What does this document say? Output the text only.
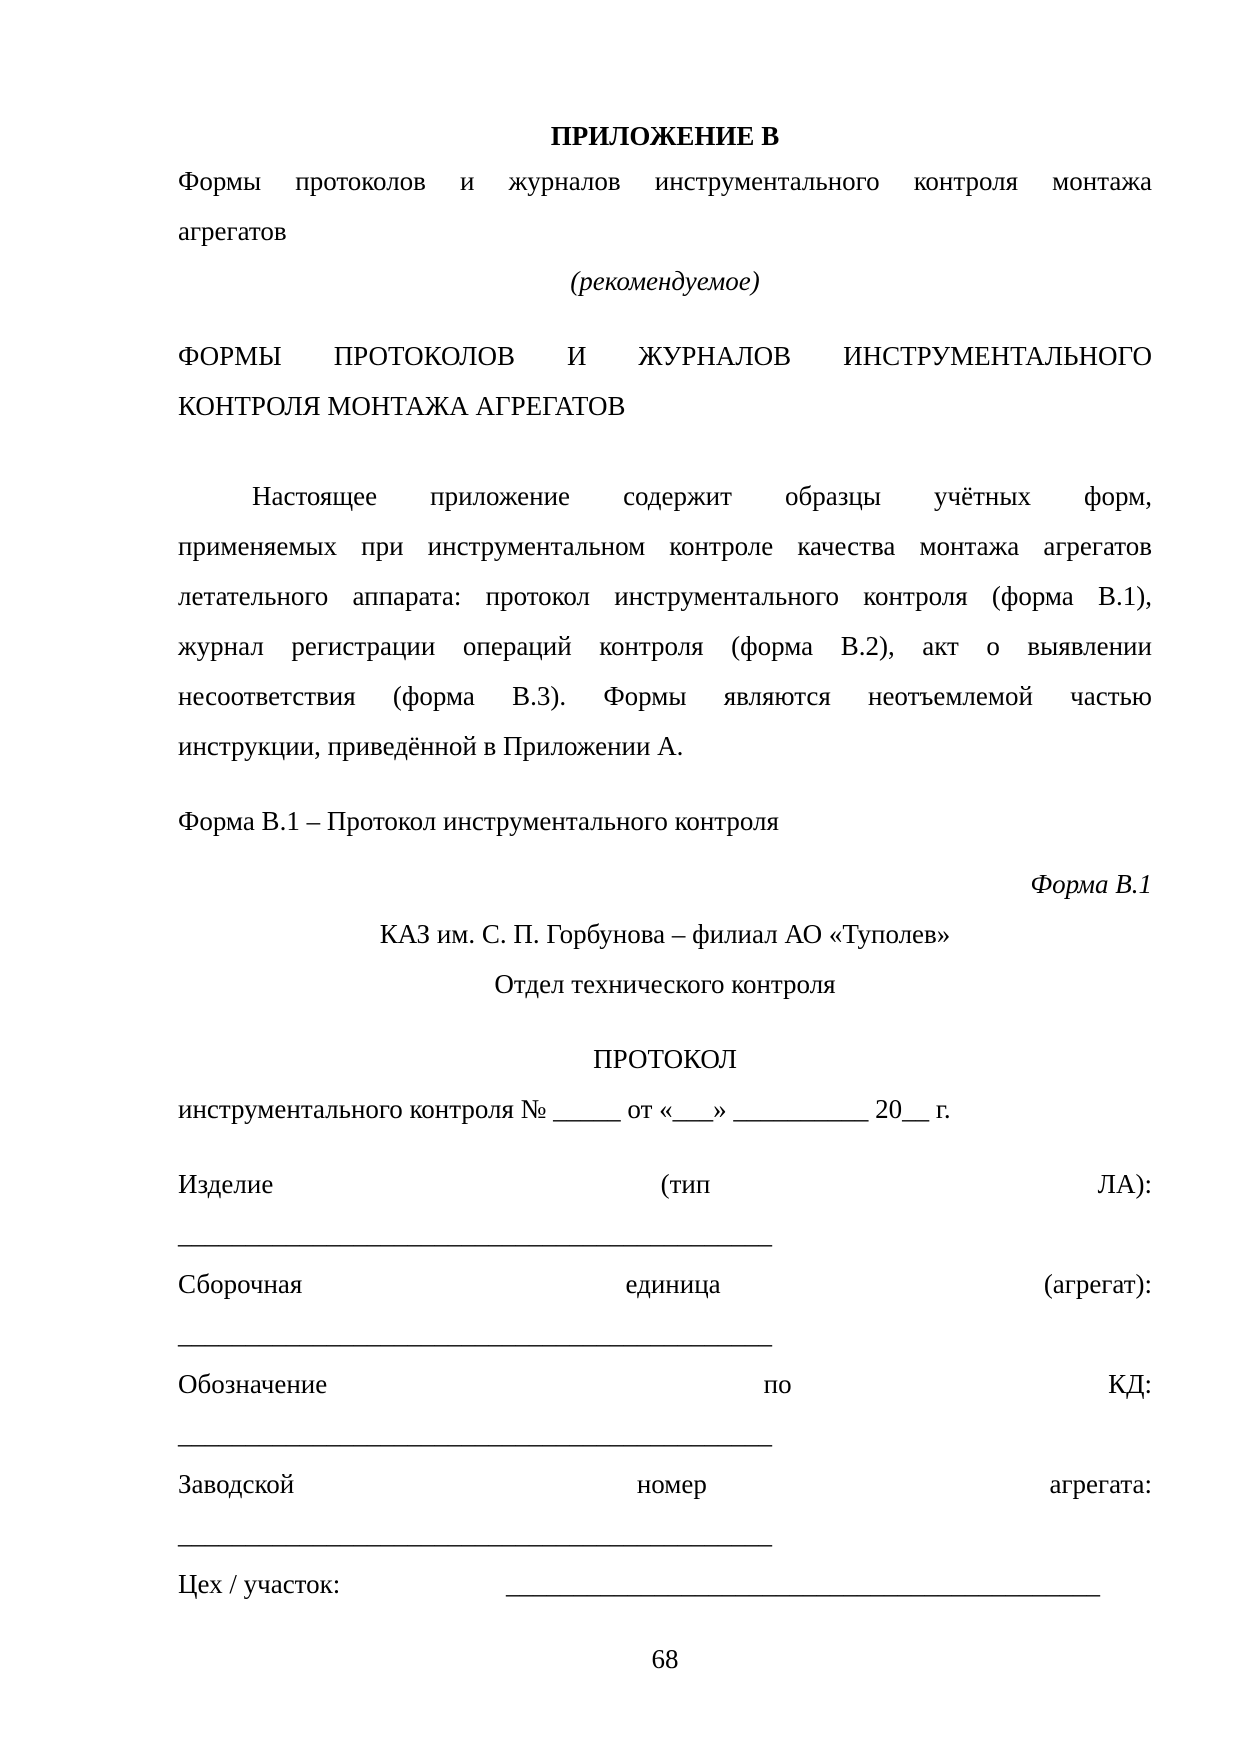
ПРИЛОЖЕНИЕ В
Формы протоколов и журналов инструментального контроля монтажа
агрегатов
(рекомендуемое)
ФОРМЫ ПРОТОКОЛОВ И ЖУРНАЛОВ ИНСТРУМЕНТАЛЬНОГО
КОНТРОЛЯ МОНТАЖА АГРЕГАТОВ
Настоящее приложение содержит образцы учётных форм,
применяемых при инструментальном контроле качества монтажа агрегатов
летательного аппарата: протокол инструментального контроля (форма В.1),
журнал регистрации операций контроля (форма В.2), акт о выявлении
несоответствия (форма В.3). Формы являются неотъемлемой частью
инструкции, приведённой в Приложении А.
Форма В.1 – Протокол инструментального контроля
Форма В.1
КАЗ им. С. П. Горбунова – филиал АО «Туполев»
Отдел технического контроля
ПРОТОКОЛ
инструментального контроля № _____ от «___» __________ 20__ г.
Изделие	(тип	ЛА):
____________________________________________
Сборочная	единица	(агрегат):
____________________________________________
Обозначение	по	КД:
____________________________________________
Заводской	номер	агрегата:
____________________________________________
Цех / участок:	____________________________________________
68
